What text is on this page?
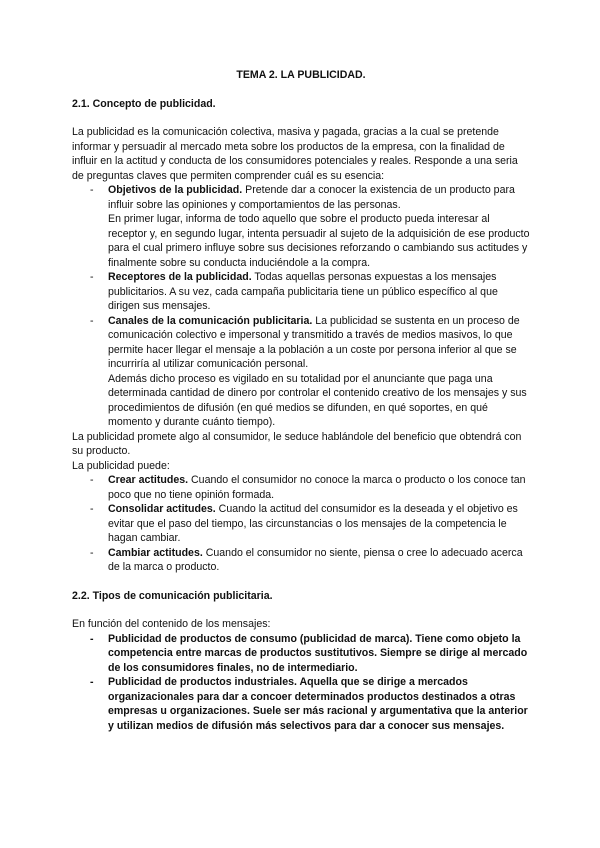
TEMA 2. LA PUBLICIDAD.

2.1. Concepto de publicidad.

La publicidad es la comunicación colectiva, masiva y pagada, gracias a la cual se pretende informar y persuadir al mercado meta sobre los productos de la empresa, con la finalidad de influir en la actitud y conducta de los consumidores potenciales y reales. Responde a una seria de preguntas claves que permiten comprender cuál es su esencia:

- Objetivos de la publicidad. Pretende dar a conocer la existencia de un producto para influir sobre las opiniones y comportamientos de las personas.
En primer lugar, informa de todo aquello que sobre el producto pueda interesar al receptor y, en segundo lugar, intenta persuadir al sujeto de la adquisición de ese producto para el cual primero influye sobre sus decisiones reforzando o cambiando sus actitudes y finalmente sobre su conducta induciéndole a la compra.
- Receptores de la publicidad. Todas aquellas personas expuestas a los mensajes publicitarios. A su vez, cada campaña publicitaria tiene un público específico al que dirigen sus mensajes.
- Canales de la comunicación publicitaria. La publicidad se sustenta en un proceso de comunicación colectivo e impersonal y transmitido a través de medios masivos, lo que permite hacer llegar el mensaje a la población a un coste por persona inferior al que se incurriría al utilizar comunicación personal.
Además dicho proceso es vigilado en su totalidad por el anunciante que paga una determinada cantidad de dinero por controlar el contenido creativo de los mensajes y sus procedimientos de difusión (en qué medios se difunden, en qué soportes, en qué momento y durante cuánto tiempo).

La publicidad promete algo al consumidor, le seduce hablándole del beneficio que obtendrá con su producto.

La publicidad puede:

- Crear actitudes. Cuando el consumidor no conoce la marca o producto o los conoce tan poco que no tiene opinión formada.
- Consolidar actitudes. Cuando la actitud del consumidor es la deseada y el objetivo es evitar que el paso del tiempo, las circunstancias o los mensajes de la competencia le hagan cambiar.
- Cambiar actitudes. Cuando el consumidor no siente, piensa o cree lo adecuado acerca de la marca o producto.

2.2. Tipos de comunicación publicitaria.

En función del contenido de los mensajes:

- Publicidad de productos de consumo (publicidad de marca). Tiene como objeto la competencia entre marcas de productos sustitutivos. Siempre se dirige al mercado de los consumidores finales, no de intermediario.
- Publicidad de productos industriales. Aquella que se dirige a mercados organizacionales para dar a concoer determinados productos destinados a otras empresas u organizaciones. Suele ser más racional y argumentativa que la anterior y utilizan medios de difusión más selectivos para dar a conocer sus mensajes.
